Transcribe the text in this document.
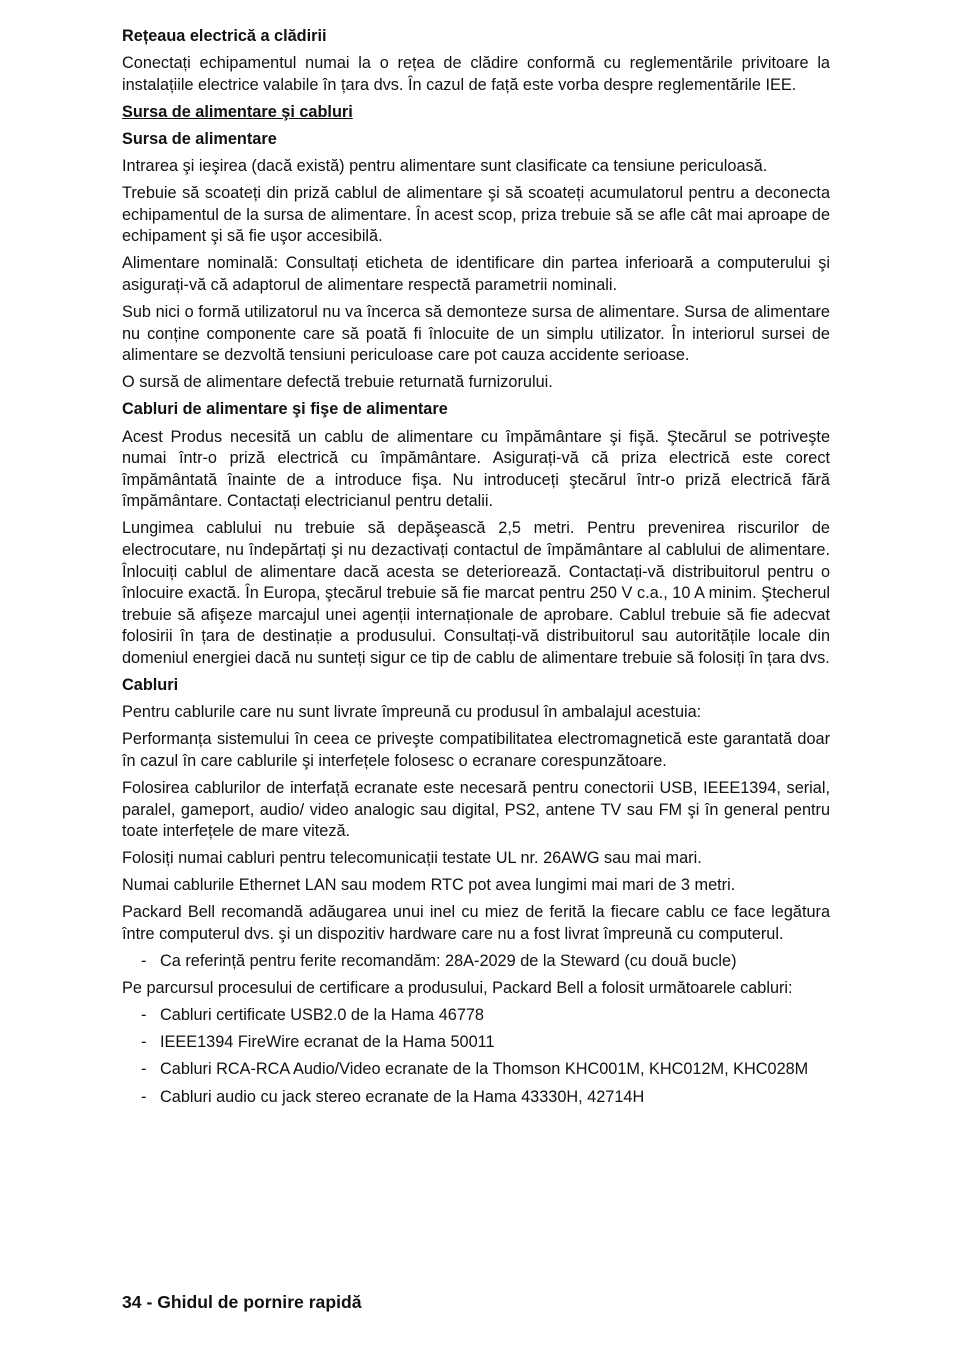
Rețeaua electrică a clădirii
Conectați echipamentul numai la o rețea de clădire conformă cu reglementările privitoare la instalațiile electrice valabile în țara dvs. În cazul de față este vorba despre reglementările IEE.
Sursa de alimentare şi cabluri
Sursa de alimentare
Intrarea şi ieşirea (dacă există) pentru alimentare sunt clasificate ca tensiune periculoasă.
Trebuie să scoateți din priză cablul de alimentare şi să scoateți acumulatorul pentru a deconecta echipamentul de la sursa de alimentare. În acest scop, priza trebuie să se afle cât mai aproape de echipament şi să fie uşor accesibilă.
Alimentare nominală: Consultați eticheta de identificare din partea inferioară a computerului şi asigurați-vă că adaptorul de alimentare respectă parametrii nominali.
Sub nici o formă utilizatorul nu va încerca să demonteze sursa de alimentare. Sursa de alimentare nu conține componente care să poată fi înlocuite de un simplu utilizator. În interiorul sursei de alimentare se dezvoltă tensiuni periculoase care pot cauza accidente serioase.
O sursă de alimentare defectă trebuie returnată furnizorului.
Cabluri de alimentare şi fişe de alimentare
Acest Produs necesită un cablu de alimentare cu împământare şi fişă. Ştecărul se potriveşte numai într-o priză electrică cu împământare. Asigurați-vă că priza electrică este corect împământată înainte de a introduce fişa. Nu introduceți ştecărul într-o priză electrică fără împământare. Contactați electricianul pentru detalii.
Lungimea cablului nu trebuie să depăşească 2,5 metri. Pentru prevenirea riscurilor de electrocutare, nu îndepărtați şi nu dezactivați contactul de împământare al cablului de alimentare. Înlocuiți cablul de alimentare dacă acesta se deteriorează. Contactați-vă distribuitorul pentru o înlocuire exactă. În Europa, ştecărul trebuie să fie marcat pentru 250 V c.a., 10 A minim. Ştecherul trebuie să afişeze marcajul unei agenții internaționale de aprobare. Cablul trebuie să fie adecvat folosirii în țara de destinație a produsului. Consultați-vă distribuitorul sau autoritățile locale din domeniul energiei dacă nu sunteți sigur ce tip de cablu de alimentare trebuie să folosiți în țara dvs.
Cabluri
Pentru cablurile care nu sunt livrate împreună cu produsul în ambalajul acestuia:
Performanța sistemului în ceea ce priveşte compatibilitatea electromagnetică este garantată doar în cazul în care cablurile şi interfețele folosesc o ecranare corespunzătoare.
Folosirea cablurilor de interfață ecranate este necesară pentru conectorii USB, IEEE1394, serial, paralel, gameport, audio/ video analogic sau digital, PS2, antene TV sau FM şi în general pentru toate interfețele de mare viteză.
Folosiți numai cabluri pentru telecomunicații testate UL nr. 26AWG sau mai mari.
Numai cablurile Ethernet LAN sau modem RTC pot avea lungimi mai mari de 3 metri.
Packard Bell recomandă adăugarea unui inel cu miez de ferită la fiecare cablu ce face legătura între computerul dvs. şi un dispozitiv hardware care nu a fost livrat împreună cu computerul.
- Ca referință pentru ferite recomandăm: 28A-2029 de la Steward (cu două bucle)
Pe parcursul procesului de certificare a produsului, Packard Bell a folosit următoarele cabluri:
- Cabluri certificate USB2.0 de la Hama 46778
- IEEE1394 FireWire ecranat de la Hama 50011
- Cabluri RCA-RCA Audio/Video ecranate de la Thomson KHC001M, KHC012M, KHC028M
- Cabluri audio cu jack stereo ecranate de la Hama 43330H, 42714H
34 - Ghidul de pornire rapidă
